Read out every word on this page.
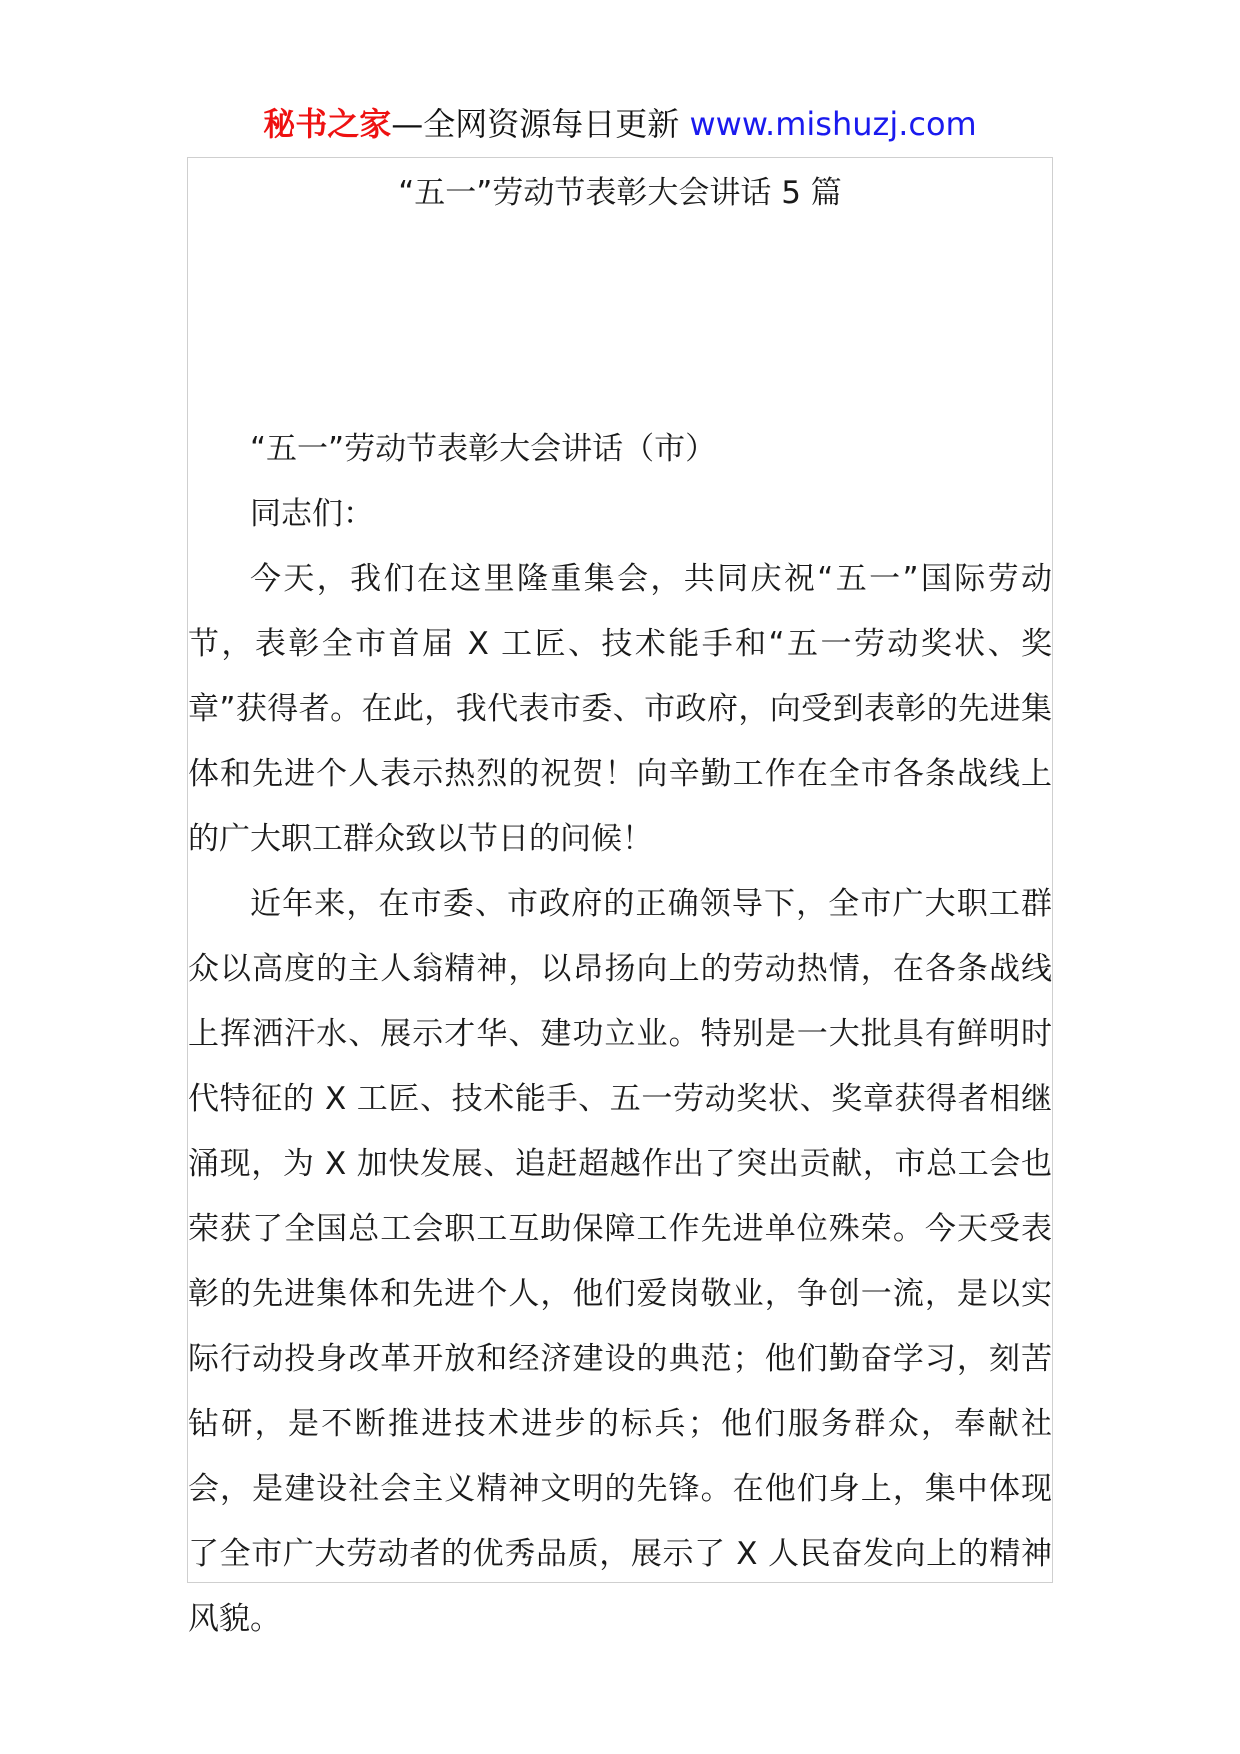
秘书之家—全网资源每日更新 www.mishuzj.com
“五一”劳动节表彰大会讲话 5 篇

“五一”劳动节表彰大会讲话（市）

同志们：

今天，我们在这里隆重集会，共同庆祝“五一”国际劳动节，表彰全市首届 X 工匠、技术能手和“五一劳动奖状、奖章”获得者。在此，我代表市委、市政府，向受到表彰的先进集体和先进个人表示热烈的祝贺！向辛勤工作在全市各条战线上的广大职工群众致以节日的问候！

近年来，在市委、市政府的正确领导下，全市广大职工群众以高度的主人翁精神，以昂扬向上的劳动热情，在各条战线上挥洒汗水、展示才华、建功立业。特别是一大批具有鲜明时代特征的 X 工匠、技术能手、五一劳动奖状、奖章获得者相继涌现，为 X 加快发展、追赶超越作出了突出贡献，市总工会也荣获了全国总工会职工互助保障工作先进单位殊荣。今天受表彰的先进集体和先进个人，他们爱岗敬业，争创一流，是以实际行动投身改革开放和经济建设的典范；他们勤奋学习，刻苦钻研，是不断推进技术进步的标兵；他们服务群众，奉献社会，是建设社会主义精神文明的先锋。在他们身上，集中体现了全市广大劳动者的优秀品质，展示了 X 人民奋发向上的精神风貌。
